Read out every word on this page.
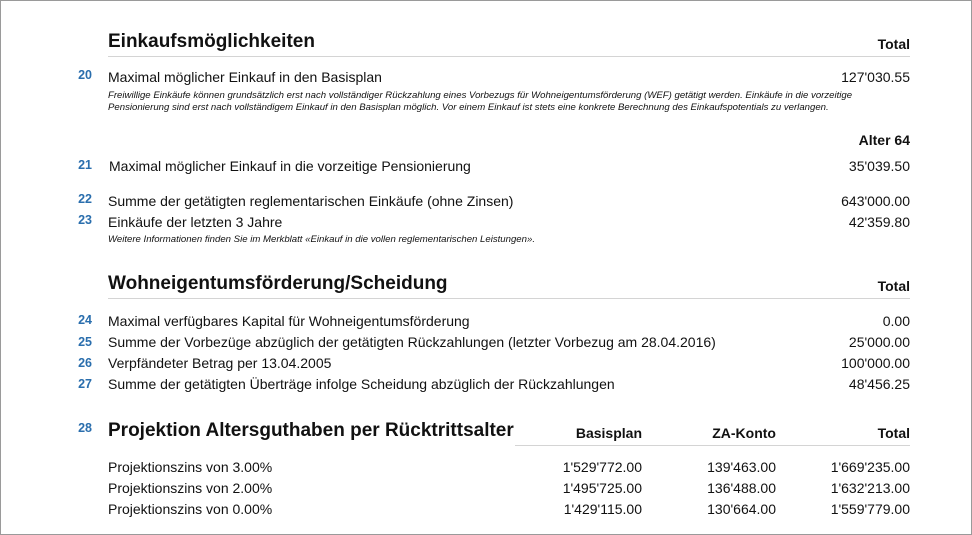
Einkaufsmöglichkeiten	Total
20 Maximal möglicher Einkauf in den Basisplan	127'030.55
Freiwillige Einkäufe können grundsätzlich erst nach vollständiger Rückzahlung eines Vorbezugs für Wohneigentumsförderung (WEF) getätigt werden. Einkäufe in die vorzeitige
Pensionierung sind erst nach vollständigem Einkauf in den Basisplan möglich. Vor einem Einkauf ist stets eine konkrete Berechnung des Einkaufspotentials zu verlangen.
Alter 64
21 Maximal möglicher Einkauf in die vorzeitige Pensionierung	35'039.50
22 Summe der getätigten reglementarischen Einkäufe (ohne Zinsen)	643'000.00
23 Einkäufe der letzten 3 Jahre	42'359.80
Weitere Informationen finden Sie im Merkblatt «Einkauf in die vollen reglementarischen Leistungen».
Wohneigentumsförderung/Scheidung	Total
24 Maximal verfügbares Kapital für Wohneigentumsförderung	0.00
25 Summe der Vorbezüge abzüglich der getätigten Rückzahlungen (letzter Vorbezug am 28.04.2016)	25'000.00
26 Verpfändeter Betrag per 13.04.2005	100'000.00
27 Summe der getätigten Überträge infolge Scheidung abzüglich der Rückzahlungen	48'456.25
28 Projektion Altersguthaben per Rücktrittsalter	Basisplan	ZA-Konto	Total
Projektionszins von 3.00%	1'529'772.00	139'463.00	1'669'235.00
Projektionszins von 2.00%	1'495'725.00	136'488.00	1'632'213.00
Projektionszins von 0.00%	1'429'115.00	130'664.00	1'559'779.00
